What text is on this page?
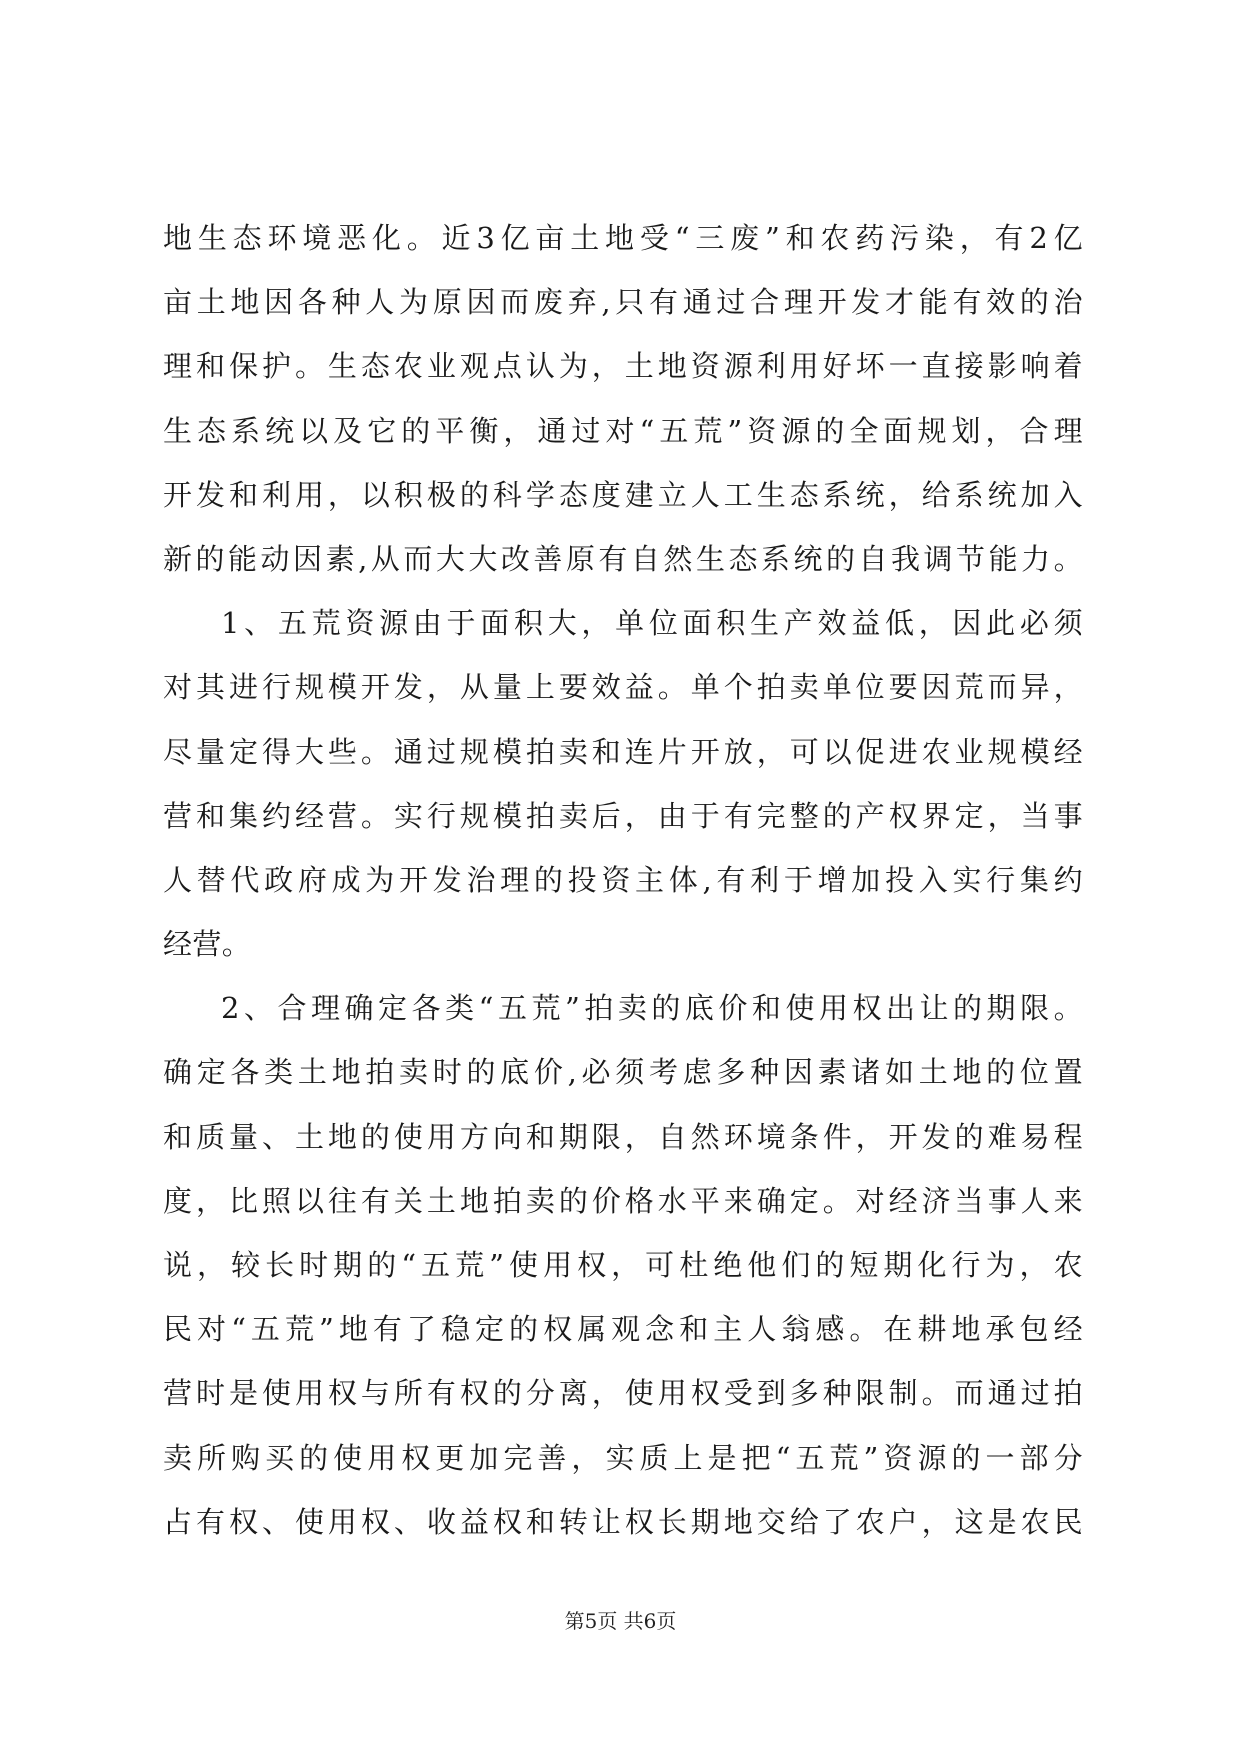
地生态环境恶化。近3亿亩土地受“三废”和农药污染，有2亿
亩土地因各种人为原因而废弃,只有通过合理开发才能有效的治
理和保护。生态农业观点认为，土地资源利用好坏一直接影响着
生态系统以及它的平衡，通过对“五荒”资源的全面规划，合理
开发和利用，以积极的科学态度建立人工生态系统，给系统加入
新的能动因素,从而大大改善原有自然生态系统的自我调节能力。
1、五荒资源由于面积大，单位面积生产效益低，因此必须
对其进行规模开发，从量上要效益。单个拍卖单位要因荒而异，
尽量定得大些。通过规模拍卖和连片开放，可以促进农业规模经
营和集约经营。实行规模拍卖后，由于有完整的产权界定，当事
人替代政府成为开发治理的投资主体,有利于增加投入实行集约
经营。
2、合理确定各类“五荒”拍卖的底价和使用权出让的期限。
确定各类土地拍卖时的底价,必须考虑多种因素诸如土地的位置
和质量、土地的使用方向和期限，自然环境条件，开发的难易程
度，比照以往有关土地拍卖的价格水平来确定。对经济当事人来
说，较长时期的“五荒”使用权，可杜绝他们的短期化行为，农
民对“五荒”地有了稳定的权属观念和主人翁感。在耕地承包经
营时是使用权与所有权的分离，使用权受到多种限制。而通过拍
卖所购买的使用权更加完善，实质上是把“五荒”资源的一部分
占有权、使用权、收益权和转让权长期地交给了农户，这是农民
第5页 共6页
